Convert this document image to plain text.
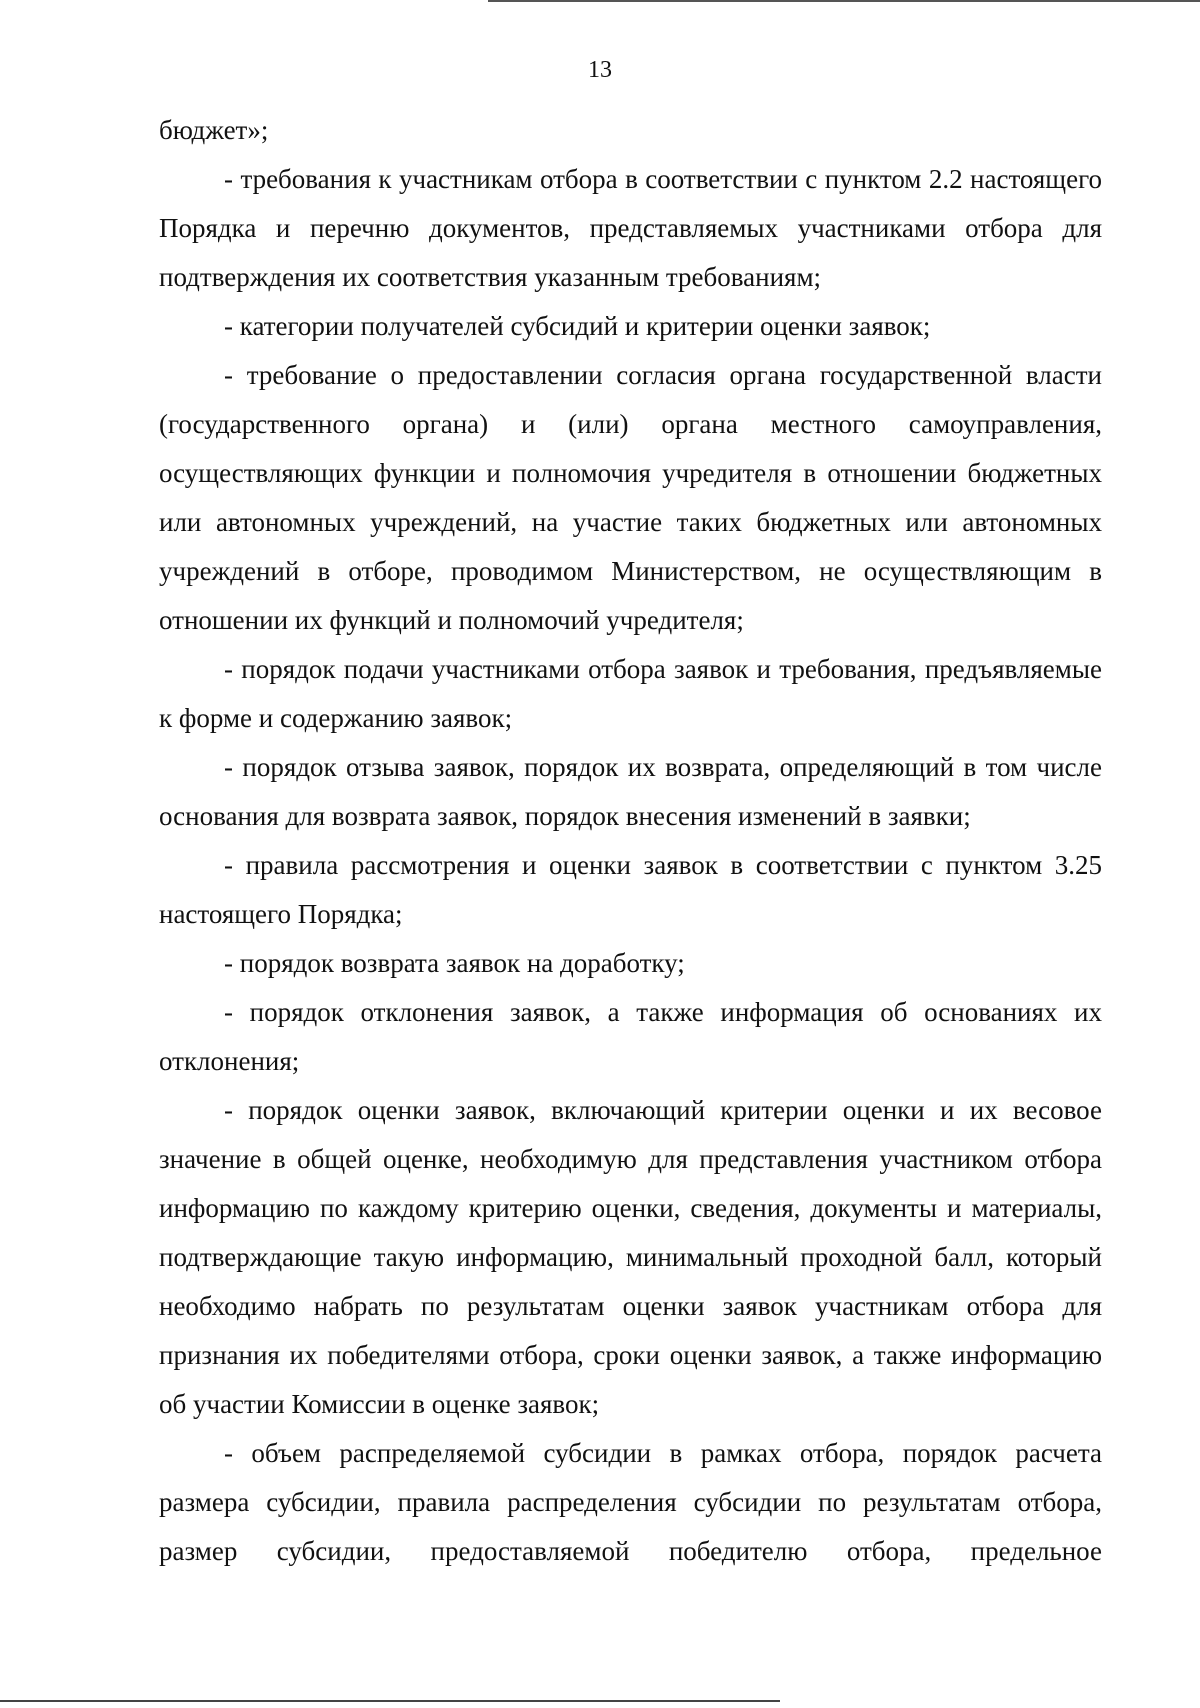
13

бюджет»;

- требования к участникам отбора в соответствии с пунктом 2.2 настоящего Порядка и перечню документов, представляемых участниками отбора для подтверждения их соответствия указанным требованиям;

- категории получателей субсидий и критерии оценки заявок;

- требование о предоставлении согласия органа государственной власти (государственного органа) и (или) органа местного самоуправления, осуществляющих функции и полномочия учредителя в отношении бюджетных или автономных учреждений, на участие таких бюджетных или автономных учреждений в отборе, проводимом Министерством, не осуществляющим в отношении их функций и полномочий учредителя;

- порядок подачи участниками отбора заявок и требования, предъявляемые к форме и содержанию заявок;

- порядок отзыва заявок, порядок их возврата, определяющий в том числе основания для возврата заявок, порядок внесения изменений в заявки;

- правила рассмотрения и оценки заявок в соответствии с пунктом 3.25 настоящего Порядка;

- порядок возврата заявок на доработку;

- порядок отклонения заявок, а также информация об основаниях их отклонения;

- порядок оценки заявок, включающий критерии оценки и их весовое значение в общей оценке, необходимую для представления участником отбора информацию по каждому критерию оценки, сведения, документы и материалы, подтверждающие такую информацию, минимальный проходной балл, который необходимо набрать по результатам оценки заявок участникам отбора для признания их победителями отбора, сроки оценки заявок, а также информацию об участии Комиссии в оценке заявок;

- объем распределяемой субсидии в рамках отбора, порядок расчета размера субсидии, правила распределения субсидии по результатам отбора, размер субсидии, предоставляемой победителю отбора, предельное
